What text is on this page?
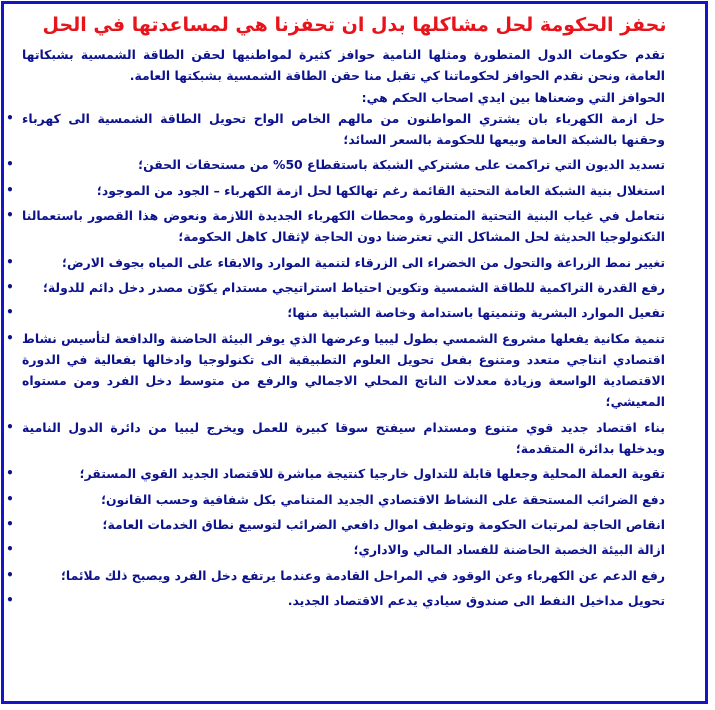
نحفز الحكومة لحل مشاكلها بدل ان تحفزنا هي لمساعدتها في الحل

تقدم حكومات الدول المتطورة ومثلها النامية حوافز كثيرة لمواطنيها لحقن الطاقة الشمسية بشبكاتها العامة، ونحن نقدم الحوافز لحكوماتنا كي تقبل منا حقن الطاقة الشمسية بشبكتها العامة.

الحوافز التي وضعناها بين ايدي اصحاب الحكم هي:

• حل ازمة الكهرباء بان يشتري المواطنون من مالهم الخاص الواح تحويل الطاقة الشمسية الى كهرباء وحقنها بالشبكة العامة وبيعها للحكومة بالسعر السائد؛
•	تسديد الديون التي تراكمت على مشتركي الشبكة باستقطاع 50% من مستحقات الحقن؛
•	استغلال بنية الشبكة العامة التحتية القائمة رغم تهالكها لحل ازمة الكهرباء – الجود من الموجود؛
• نتعامل في غياب البنية التحتية المتطورة ومحطات الكهرباء الجديدة اللازمة ونعوض هذا القصور باستعمالنا التكنولوجيا الحديثة لحل المشاكل التي تعترضنا دون الحاجة لإثقال كاهل الحكومة؛
•	تغيير نمط الزراعة والتحول من الخضراء الى الزرقاء لتنمية الموارد والابقاء على المياه بجوف الارض؛
• رفع القدرة التراكمية للطاقة الشمسية وتكوين احتياط استراتيجي مستدام يكوّن مصدر دخل دائم للدولة؛
•	تفعيل الموارد البشرية وتنميتها باستدامة وخاصة الشبابية منها؛
• تنمية مكانية يفعلها مشروع الشمسي بطول ليبيا وعرضها الذي يوفر البيئة الحاضنة والدافعة لتأسيس نشاط اقتصادي انتاجي متعدد ومتنوع بفعل تحويل العلوم التطبيقية الى تكنولوجيا وادخالها بفعالية في الدورة الاقتصادية الواسعة وزيادة معدلات الناتج المحلي الاجمالي والرفع من متوسط دخل الفرد ومن مستواه المعيشي؛
• بناء اقتصاد جديد قوي متنوع ومستدام سيفتح سوقا كبيرة للعمل ويخرج ليبيا من دائرة الدول النامية ويدخلها بدائرة المتقدمة؛
•	تقوية العملة المحلية وجعلها قابلة للتداول خارجيا كنتيجة مباشرة للاقتصاد الجديد القوي المستقر؛
•	دفع الضرائب المستحقة على النشاط الاقتصادي الجديد المتنامي بكل شفافية وحسب القانون؛
•	انقاص الحاجة لمرتبات الحكومة وتوظيف اموال دافعي الضرائب لتوسيع نطاق الخدمات العامة؛
•	ازالة البيئة الخصبة الحاضنة للفساد المالي والاداري؛
•	رفع الدعم عن الكهرباء وعن الوقود في المراحل القادمة وعندما يرتفع دخل الفرد ويصبح ذلك ملائما؛
•	تحويل مداخيل النفط الى صندوق سيادي يدعم الاقتصاد الجديد.
